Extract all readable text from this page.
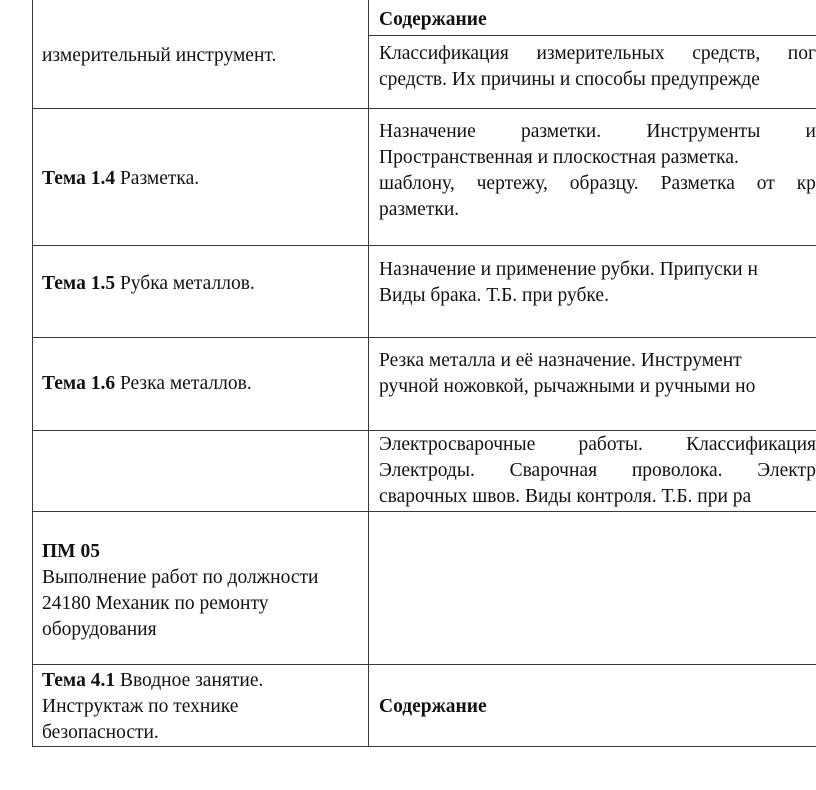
измерительный инструмент.
Содержание
Классификация измерительных средств, пог
средств. Их причины и способы предупрежде
Тема 1.4 Разметка.
Назначение разметки. Инструменты и
Пространственная и плоскостная разметка.
шаблону, чертежу, образцу. Разметка от кр
разметки.
Тема 1.5 Рубка металлов.
Назначение и применение рубки. Припуски н
Виды брака. Т.Б. при рубке.
Тема 1.6 Резка металлов.
Резка металла и её назначение. Инструмент
ручной ножовкой, рычажными и ручными но
Электросварочные работы. Классификация
Электроды. Сварочная проволока. Электр
сварочных швов. Виды контроля. Т.Б. при ра
ПМ 05
Выполнение работ по должности
24180 Механик по ремонту
оборудования
Тема 4.1 Вводное занятие.
Инструктаж по технике
безопасности.
Содержание
